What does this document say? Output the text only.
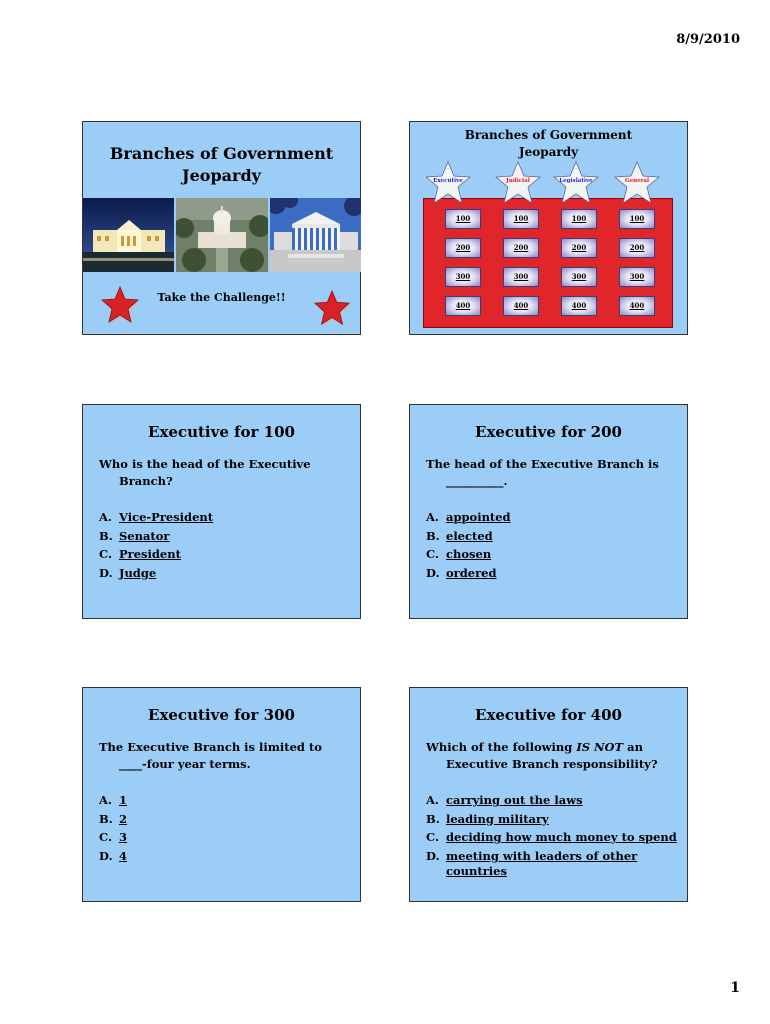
8/9/2010
Branches of Government
Jeopardy
Take the Challenge!!
Branches of Government
Jeopardy
Executive	Judicial	Legislative	General
100	100	100	100
200	200	200	200
300	300	300	300
400	400	400	400
Executive for 100
Who is the head of the Executive
Branch?
A. Vice-President
B. Senator
C. President
D. Judge
Executive for 200
The head of the Executive Branch is
__________.
A. appointed
B. elected
C. chosen
D. ordered
Executive for 300
The Executive Branch is limited to
____-four year terms.
A. 1
B. 2
C. 3
D. 4
Executive for 400
Which of the following IS NOT an
Executive Branch responsibility?
A. carrying out the laws
B. leading military
C. deciding how much money to spend
D. meeting with leaders of other
countries
1
